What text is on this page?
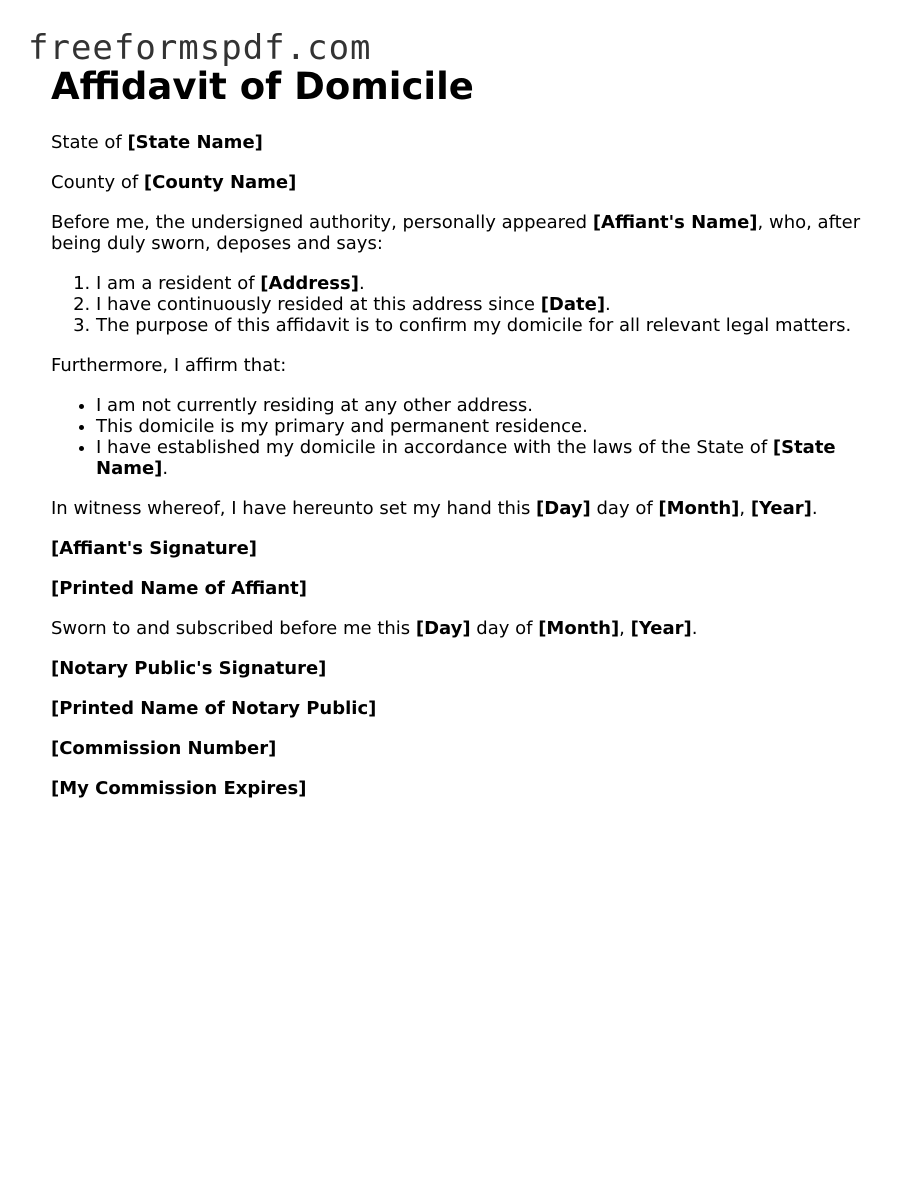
freeformspdf.com
Affidavit of Domicile

State of [State Name]

County of [County Name]

Before me, the undersigned authority, personally appeared [Affiant's Name], who, after being duly sworn, deposes and says:

1. I am a resident of [Address].
2. I have continuously resided at this address since [Date].
3. The purpose of this affidavit is to confirm my domicile for all relevant legal matters.

Furthermore, I affirm that:

• I am not currently residing at any other address.
• This domicile is my primary and permanent residence.
• I have established my domicile in accordance with the laws of the State of [State Name].

In witness whereof, I have hereunto set my hand this [Day] day of [Month], [Year].

[Affiant's Signature]

[Printed Name of Affiant]

Sworn to and subscribed before me this [Day] day of [Month], [Year].

[Notary Public's Signature]

[Printed Name of Notary Public]

[Commission Number]

[My Commission Expires]
